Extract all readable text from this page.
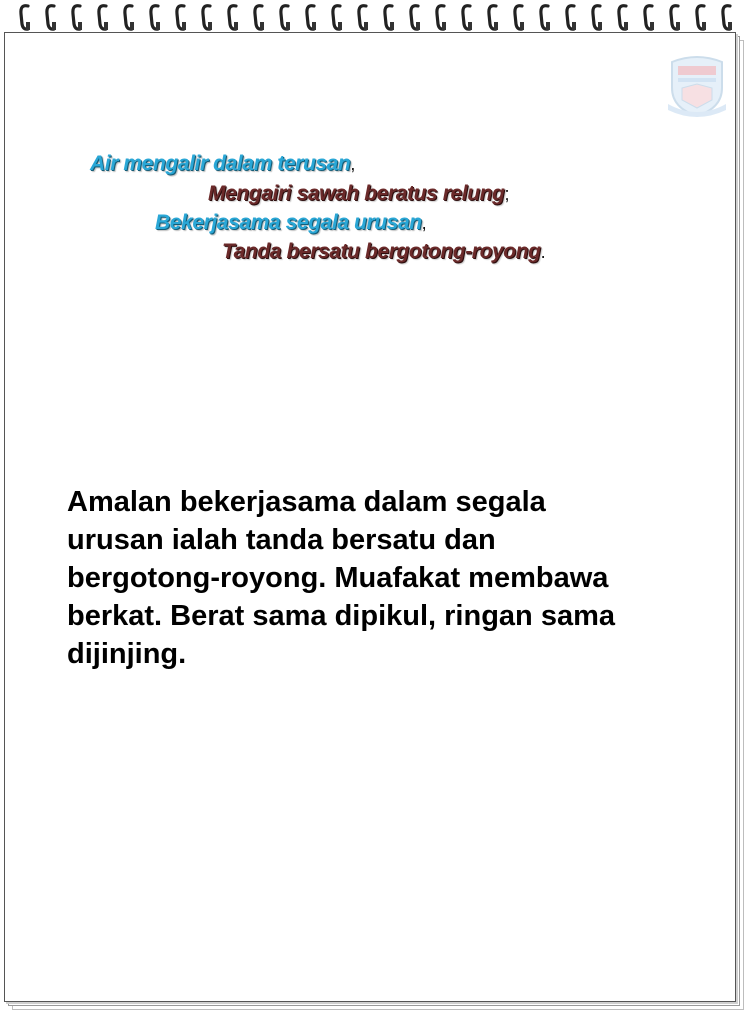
Air mengalir dalam terusan,
Mengairi sawah beratus relung;
Bekerjasama segala urusan,
Tanda bersatu bergotong-royong.

Amalan bekerjasama dalam segala
urusan ialah tanda bersatu dan
bergotong-royong. Muafakat membawa
berkat. Berat sama dipikul, ringan sama
dijinjing.
